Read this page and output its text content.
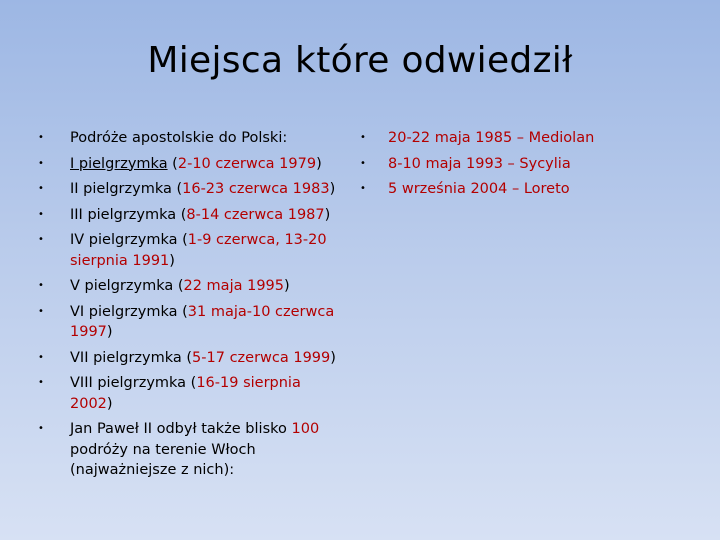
Miejsca które odwiedził
•	Podróże apostolskie do Polski:
•	I pielgrzymka (2-10 czerwca 1979)
•	II pielgrzymka (16-23 czerwca 1983)
•	III pielgrzymka (8-14 czerwca 1987)
•	IV pielgrzymka (1-9 czerwca, 13-20 sierpnia 1991)
•	V pielgrzymka (22 maja 1995)
•	VI pielgrzymka (31 maja-10 czerwca 1997)
•	VII pielgrzymka (5-17 czerwca 1999)
•	VIII pielgrzymka (16-19 sierpnia 2002)
•	Jan Paweł II odbył także blisko 100 podróży na terenie Włoch (najważniejsze z nich):
•	20-22 maja 1985 – Mediolan
•	8-10 maja 1993 – Sycylia
•	5 września 2004 – Loreto
